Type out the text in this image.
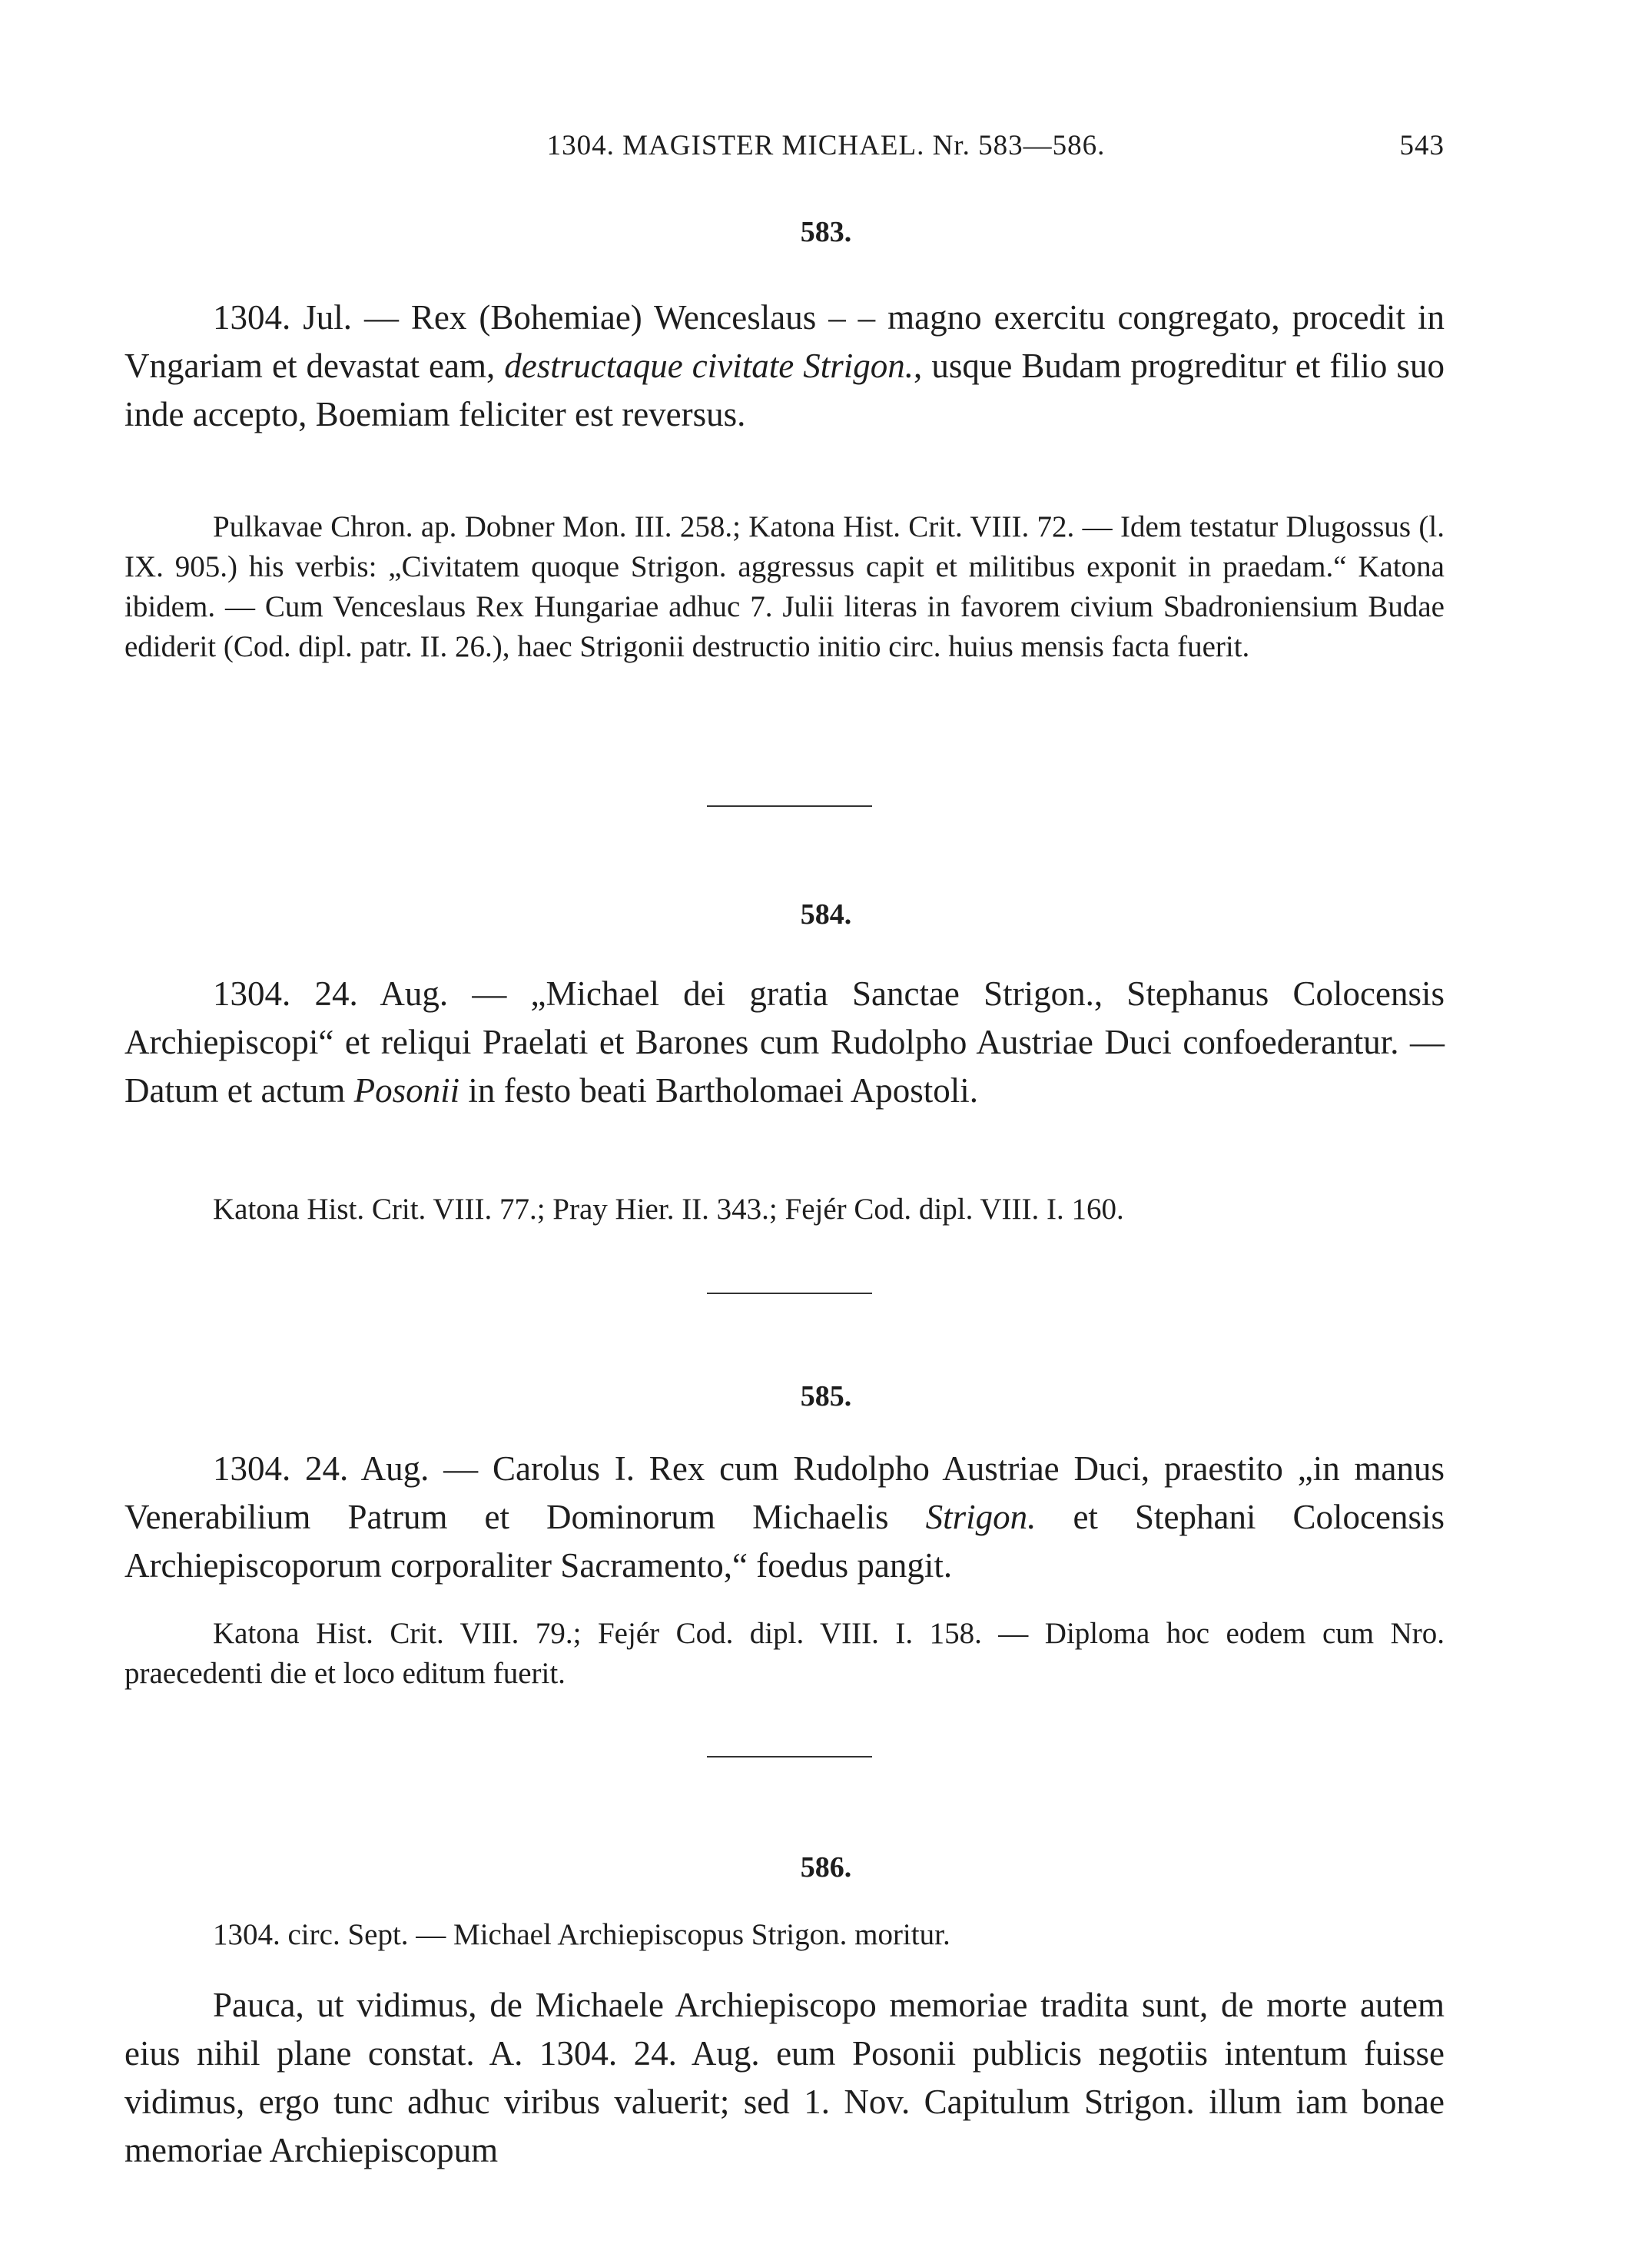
1304. MAGISTER MICHAEL. Nr. 583—586.	543
583.

1304. Jul. — Rex (Bohemiae) Wenceslaus – – magno exercitu congregato, procedit in Vngariam et devastat eam, destructaque civitate Strigon., usque Budam progreditur et filio suo inde accepto, Boemiam feliciter est reversus.

Pulkavae Chron. ap. Dobner Mon. III. 258.; Katona Hist. Crit. VIII. 72. — Idem testatur Dlugossus (l. IX. 905.) his verbis: „Civitatem quoque Strigon. aggressus capit et militibus exponit in praedam.“ Katona ibidem. — Cum Venceslaus Rex Hungariae adhuc 7. Julii literas in favorem civium Sbadroniensium Budae ediderit (Cod. dipl. patr. II. 26.), haec Strigonii destructio initio circ. huius mensis facta fuerit.

584.

1304. 24. Aug. — „Michael dei gratia Sanctae Strigon., Stephanus Colocensis Archiepiscopi“ et reliqui Praelati et Barones cum Rudolpho Austriae Duci confoederantur. — Datum et actum Posonii in festo beati Bartholomaei Apostoli.

Katona Hist. Crit. VIII. 77.; Pray Hier. II. 343.; Fejér Cod. dipl. VIII. I. 160.

585.

1304. 24. Aug. — Carolus I. Rex cum Rudolpho Austriae Duci, praestito „in manus Venerabilium Patrum et Dominorum Michaelis Strigon. et Stephani Colocensis Archiepiscoporum corporaliter Sacramento,“ foedus pangit.

Katona Hist. Crit. VIII. 79.; Fejér Cod. dipl. VIII. I. 158. — Diploma hoc eodem cum Nro. praecedenti die et loco editum fuerit.

586.

1304. circ. Sept. — Michael Archiepiscopus Strigon. moritur.

Pauca, ut vidimus, de Michaele Archiepiscopo memoriae tradita sunt, de morte autem eius nihil plane constat. A. 1304. 24. Aug. eum Posonii publicis negotiis intentum fuisse vidimus, ergo tunc adhuc viribus valuerit; sed 1. Nov. Capitulum Strigon. illum iam bonae memoriae Archiepiscopum
